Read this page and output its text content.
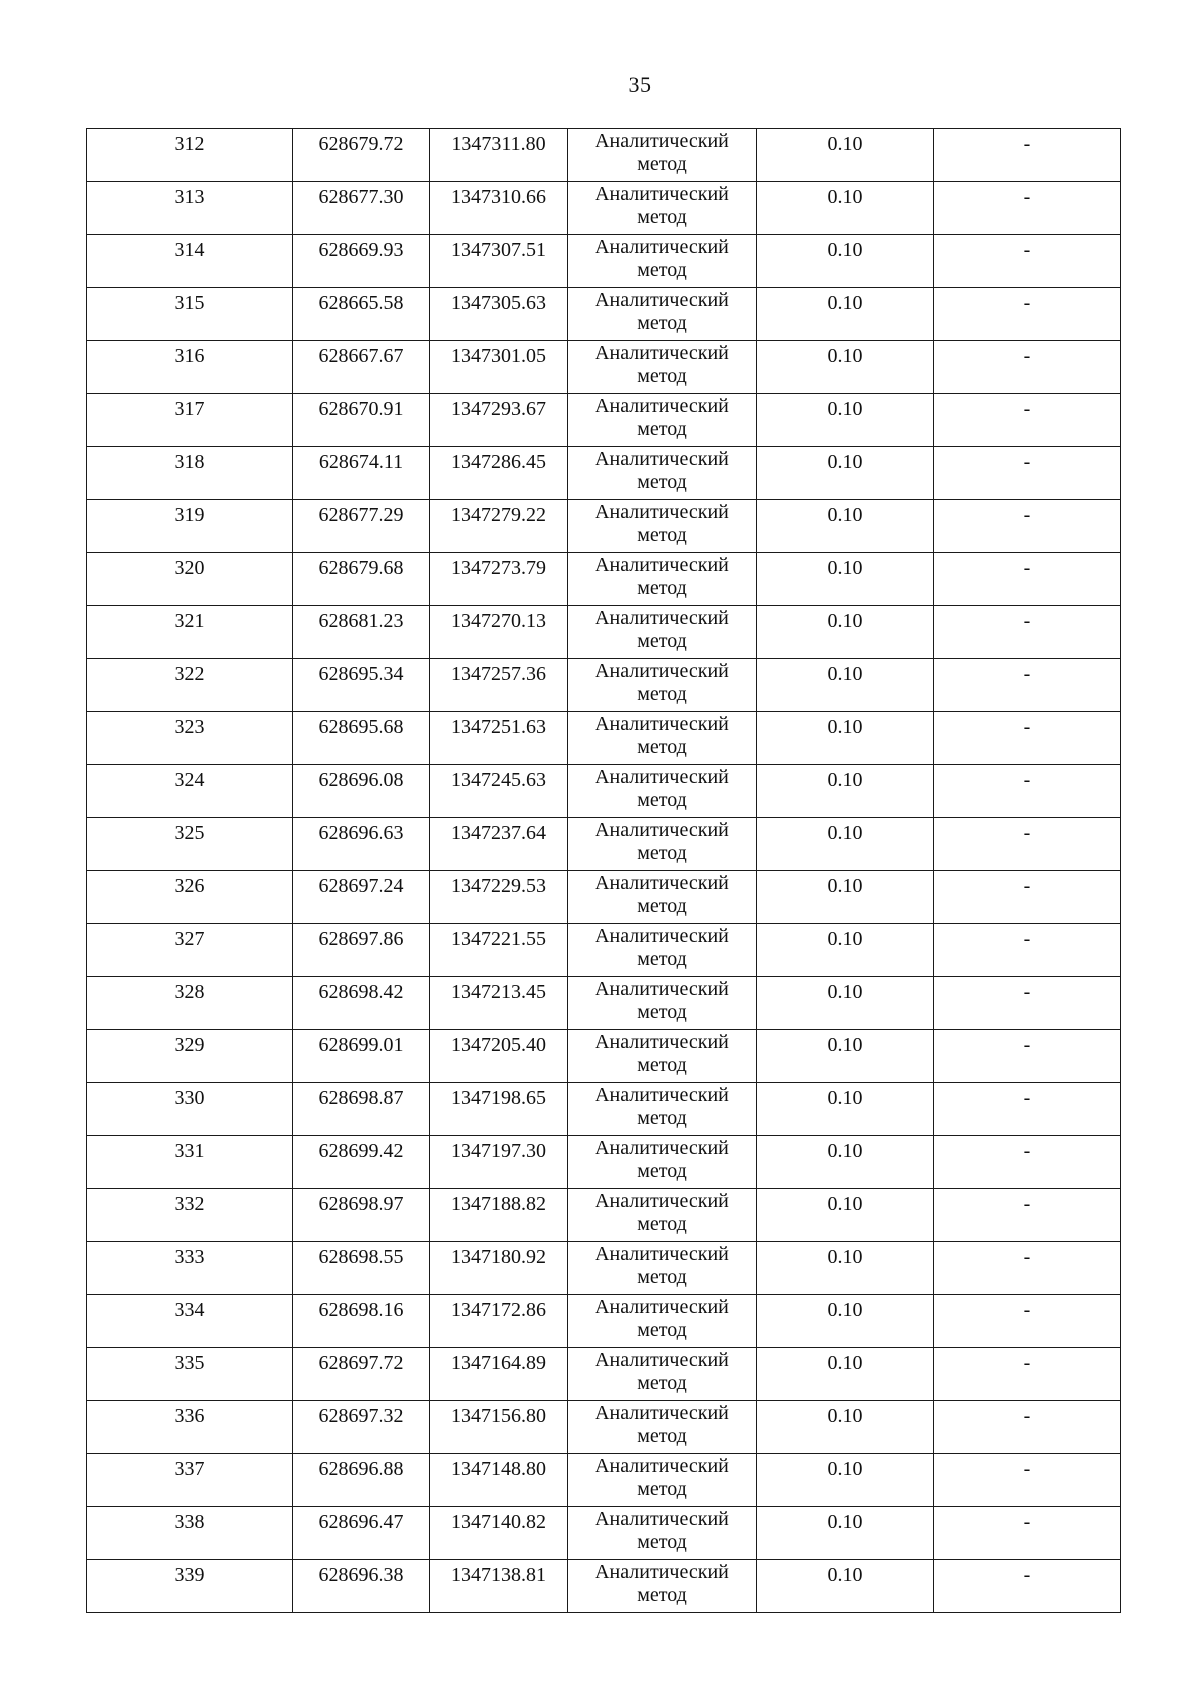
35
312	628679.72	1347311.80	Аналитический метод	0.10	-
313	628677.30	1347310.66	Аналитический метод	0.10	-
314	628669.93	1347307.51	Аналитический метод	0.10	-
315	628665.58	1347305.63	Аналитический метод	0.10	-
316	628667.67	1347301.05	Аналитический метод	0.10	-
317	628670.91	1347293.67	Аналитический метод	0.10	-
318	628674.11	1347286.45	Аналитический метод	0.10	-
319	628677.29	1347279.22	Аналитический метод	0.10	-
320	628679.68	1347273.79	Аналитический метод	0.10	-
321	628681.23	1347270.13	Аналитический метод	0.10	-
322	628695.34	1347257.36	Аналитический метод	0.10	-
323	628695.68	1347251.63	Аналитический метод	0.10	-
324	628696.08	1347245.63	Аналитический метод	0.10	-
325	628696.63	1347237.64	Аналитический метод	0.10	-
326	628697.24	1347229.53	Аналитический метод	0.10	-
327	628697.86	1347221.55	Аналитический метод	0.10	-
328	628698.42	1347213.45	Аналитический метод	0.10	-
329	628699.01	1347205.40	Аналитический метод	0.10	-
330	628698.87	1347198.65	Аналитический метод	0.10	-
331	628699.42	1347197.30	Аналитический метод	0.10	-
332	628698.97	1347188.82	Аналитический метод	0.10	-
333	628698.55	1347180.92	Аналитический метод	0.10	-
334	628698.16	1347172.86	Аналитический метод	0.10	-
335	628697.72	1347164.89	Аналитический метод	0.10	-
336	628697.32	1347156.80	Аналитический метод	0.10	-
337	628696.88	1347148.80	Аналитический метод	0.10	-
338	628696.47	1347140.82	Аналитический метод	0.10	-
339	628696.38	1347138.81	Аналитический метод	0.10	-
